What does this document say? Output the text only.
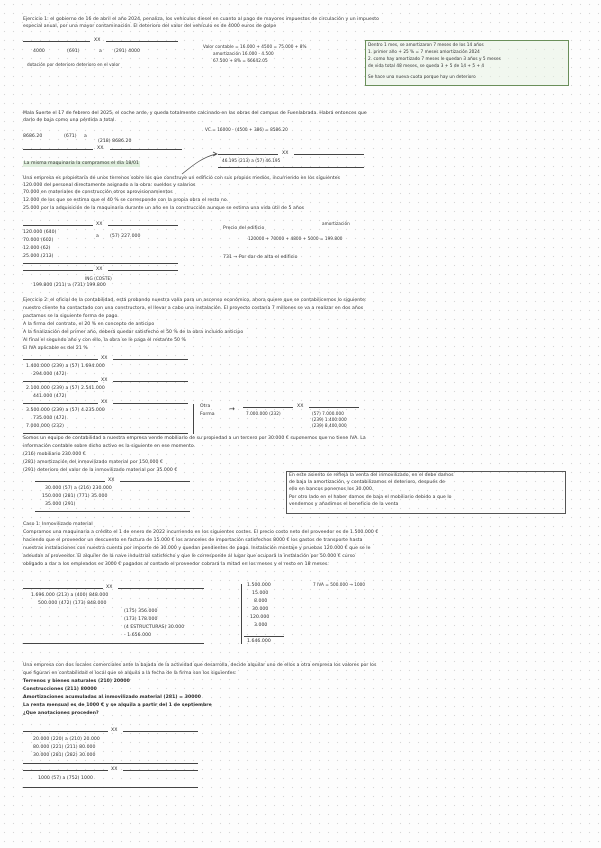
Ejercicio 1: el gobierno de 16 de abril el año 2024, penaliza, los vehículos diesel en cuanto al pago de mayores impuestos de circulación y un impuesto
especial anual, por una mayor contaminación. El deterioro del valor del vehículo es de 4000 euros de golpe
XX
4000	(691)	a	(291) 4000
dotación por deterioro deterioro en el valor
Valor contable = 16.000 + 4500 = 75.000 + 8%
amortización 16.000 - 4.500
67.500 + 8% = 66642.05
Dentro 1 mes, se amortizaron 7 meses de los 14 años
1. primer año + 25 % = 7 meses amortización 2024
2. como hay amortizado 7 meses le quedan 3 años y 5 meses
de vida total 48 meses, se queda 3 + 5 de 14 + 5 + 4
Se hace una nueva cuota porque hay un deterioro
Mala Suerte el 17 de febrero del 2025, el coche arde, y queda totalmente calcinado en las obras del campus de Fuenlabrada. Habrá entonces que
darlo de baja como una pérdida a total.
8686.20	(671) a
(218) 8686.20
XX
VC = 16000 - (4500 + 386) = 8586.20
La misma maquinaria la compramos el día 18/01
XX
46.195 (213) a (57) 46.195
Una empresa es propietaria de unos terrenos sobre los que construye un edificio con sus propios medios, incurriendo en los siguientes
120.000 del personal directamente asignado a la obra: sueldos y salarios
70.000 en materiales de construcción otros aprovisionamientos
12.000 de los que se estima que el 40 % se corresponde con la propia obra el resto no.
25.000 por la adquisición de la maquinaria durante un año en la construcción aunque se estima una vida útil de 5 años
XX
120.000 (640)
70.000 (602)
12.000 (62)
25.000 (213)
a (57) 227.000
Precio del edificio
amortización
120000 + 70000 + 4800 + 5000 = 199.800
731 → Por dar de alta el edificio
XX
ING (COSTE)
199.800 (211) a (731) 199.800
Ejercicio 2: el oficial de la contabilidad, está probando nuestra valía para un ascenso económico, ahora quiere que se contabilicemos lo siguiente:
nuestro cliente ha contactado con una constructora, el llevar a cabo una instalación. El proyecto costaría 7 millones se va a realizar en dos años
pactamos se la siguiente forma de pago.
A la firma del contrato, el 20 % en concepto de anticipo
A la finalización del primer año, deberá quedar satisfecho el 50 % de la obra incluido anticipo
Al final el segundo año y con ello, la obra se le paga el restante 50 %
El IVA aplicable es del 21 %
XX
1.400.000 (239) a (57) 1.694.000
294.000 (472)
XX
2.100.000 (239) a (57) 2.541.000
441.000 (472)
XX
3.500.000 (239) a (57) 4.235.000
735.000 (472)
7.000.000 (232)
Otra
Forma
→	XX
7.000.000 (232)	(57) 7.000.000
(239) 1.400.000
(239) 8.400.000
Somos un equipo de contabilidad a nuestra empresa vende mobiliario de su propiedad a un tercero por 30.000 € suponemos que no tiene IVA. La
información contable sobre dicho activo es la siguiente en ese momento.
(216) mobiliario 230.000 €
(281) amortización del inmovilizado material por 150.000 €
(291) deterioro del valor de la inmovilizado material por 35.000 €
XX
30.000 (57) a (216) 230.000
150.000 (281) (771) 35.000
35.000 (291)
En este asiento se refleja la venta del inmovilizado, en el debe damos
de baja la amortización, y contabilizamos el deterioro, después de
ello en bancos ponemos los 30.000.
Por otro lado en el haber damos de baja el mobiliario debido a que lo
vendemos y añadimos el beneficio de la venta
Caso 1: Inmovilizado material
Compramos una maquinaria a crédito el 1 de enero de 2022 incurriendo en los siguientes costes. El precio costo neto del proveedor es de 1.500.000 €
haciendo que el proveedor un descuento en factura de 15.000 € los aranceles de importación satisfechos 8000 € los gastos de transporte hasta
nuestras instalaciones con nuestra cuenta por importe de 30.000 y quedan pendientes de pago. Instalación montaje y pruebas 120.000 € que se le
adeudan al proveedor. El alquiler de la nave industrial satisfecho y que le corresponde al lugar que ocupará la instalación por 50.000 € curso
obligado a dar a los empleados es 3000 € pagados al contado el proveedor cobrará la mitad en los meses y el resto en 18 meses.
XX
1.696.000 (213) a (400) 848.000
500.000 (472) (173) 848.000
(175) 356.000
(173) 178.000
(4 ESTRUCTURAS) 30.000
- 1.656.000
1.500.000
15.000
8.000
30.000
120.000
3.000
1.646.000
7 IVA = 500.000 → 1000
Una empresa con dos locales comerciales ante la bajada de la actividad que desarrolla, decide alquilar uno de ellos a otra empresa los valores por los
que figuran en contabilidad el local que se alquila a la fecha de la firma son los siguientes:
Terrenos y bienes naturales (210) 20000
Construcciones (211) 80000
Amortizaciones acumuladas al inmovilizado material (281) = 30000
La renta mensual es de 1000 € y se alquila a partir del 1 de septiembre
¿Que anotaciones proceden?
XX
20.000 (220) a (210) 20.000
80.000 (221) (211) 80.000
30.000 (281) (282) 30.000
XX
1000 (57) a (752) 1000
